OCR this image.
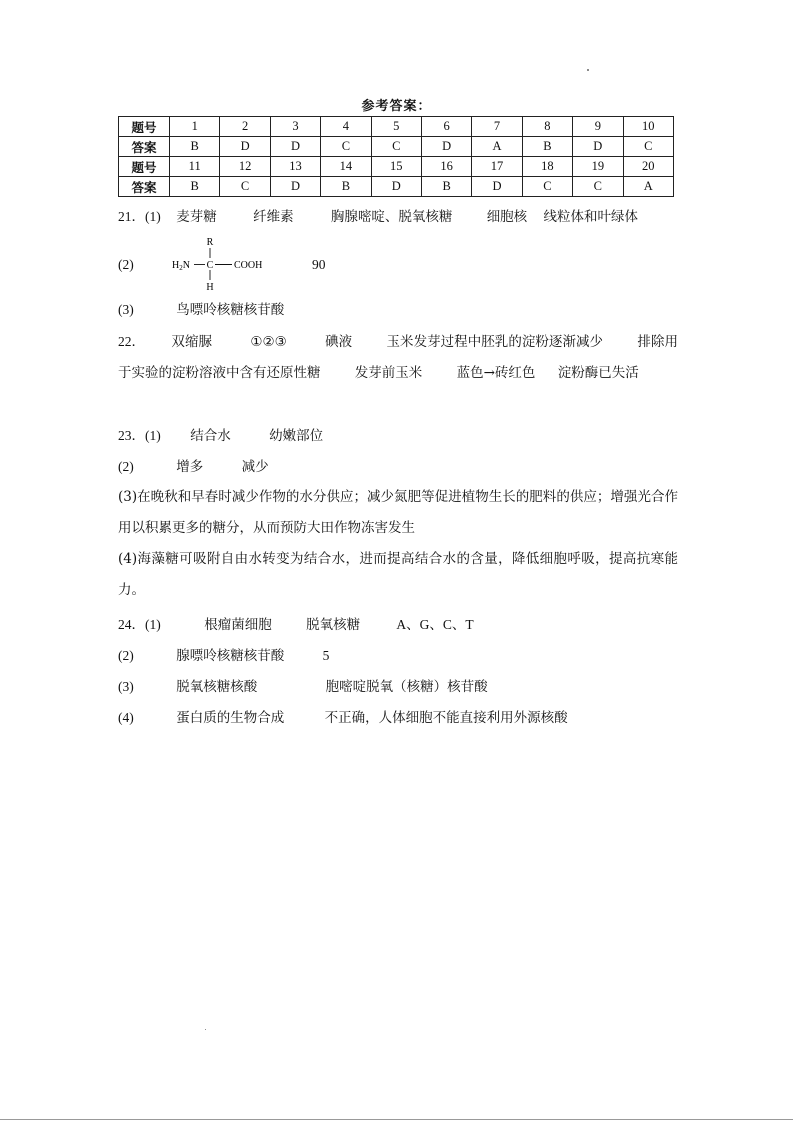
参考答案：
题号	1	2	3	4	5	6	7	8	9	10
答案	B	D	D	C	C	D	A	B	D	C
题号	11	12	13	14	15	16	17	18	19	20
答案	B	C	D	B	D	B	D	C	C	A
21．(1) 麦芽糖	纤维素	胸腺嘧啶、脱氧核糖	细胞核 线粒体和叶绿体
(2)
R
$H_2N$ C COOH
H
90
(3)	鸟嘌呤核糖核苷酸
22． 双缩脲	①②③	碘液	玉米发芽过程中胚乳的淀粉逐渐减少	排除用于实验的淀粉溶液中含有还原性糖	发芽前玉米	蓝色→砖红色 淀粉酶已失活
23．(1) 结合水	幼嫩部位
(2)	增多	减少
(3)在晚秋和早春时减少作物的水分供应；减少氮肥等促进植物生长的肥料的供应；增强光合作用以积累更多的糖分，从而预防大田作物冻害发生
(4)海藻糖可吸附自由水转变为结合水，进而提高结合水的含量，降低细胞呼吸，提高抗寒能力。
24．(1)	根瘤菌细胞	脱氧核糖	A、G、C、T
(2)	腺嘌呤核糖核苷酸	5
(3)	脱氧核糖核酸	胞嘧啶脱氧（核糖）核苷酸
(4)	蛋白质的生物合成	不正确，人体细胞不能直接利用外源核酸
